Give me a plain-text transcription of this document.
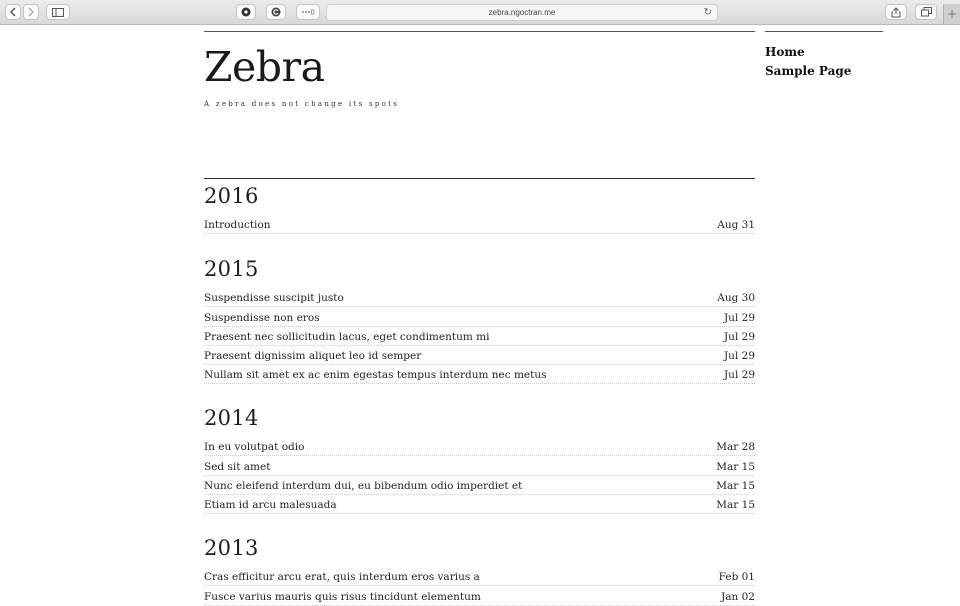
zebra.ngoctran.me	↻	+
Zebra
A zebra does not change its spots
2016
Introduction	Aug 31
2015
Suspendisse suscipit justo	Aug 30
Suspendisse non eros	Jul 29
Praesent nec sollicitudin lacus, eget condimentum mi	Jul 29
Praesent dignissim aliquet leo id semper	Jul 29
Nullam sit amet ex ac enim egestas tempus interdum nec metus	Jul 29
2014
In eu volutpat odio	Mar 28
Sed sit amet	Mar 15
Nunc eleifend interdum dui, eu bibendum odio imperdiet et	Mar 15
Etiam id arcu malesuada	Mar 15
2013
Cras efficitur arcu erat, quis interdum eros varius a	Feb 01
Fusce varius mauris quis risus tincidunt elementum	Jan 02
Home
Sample Page
